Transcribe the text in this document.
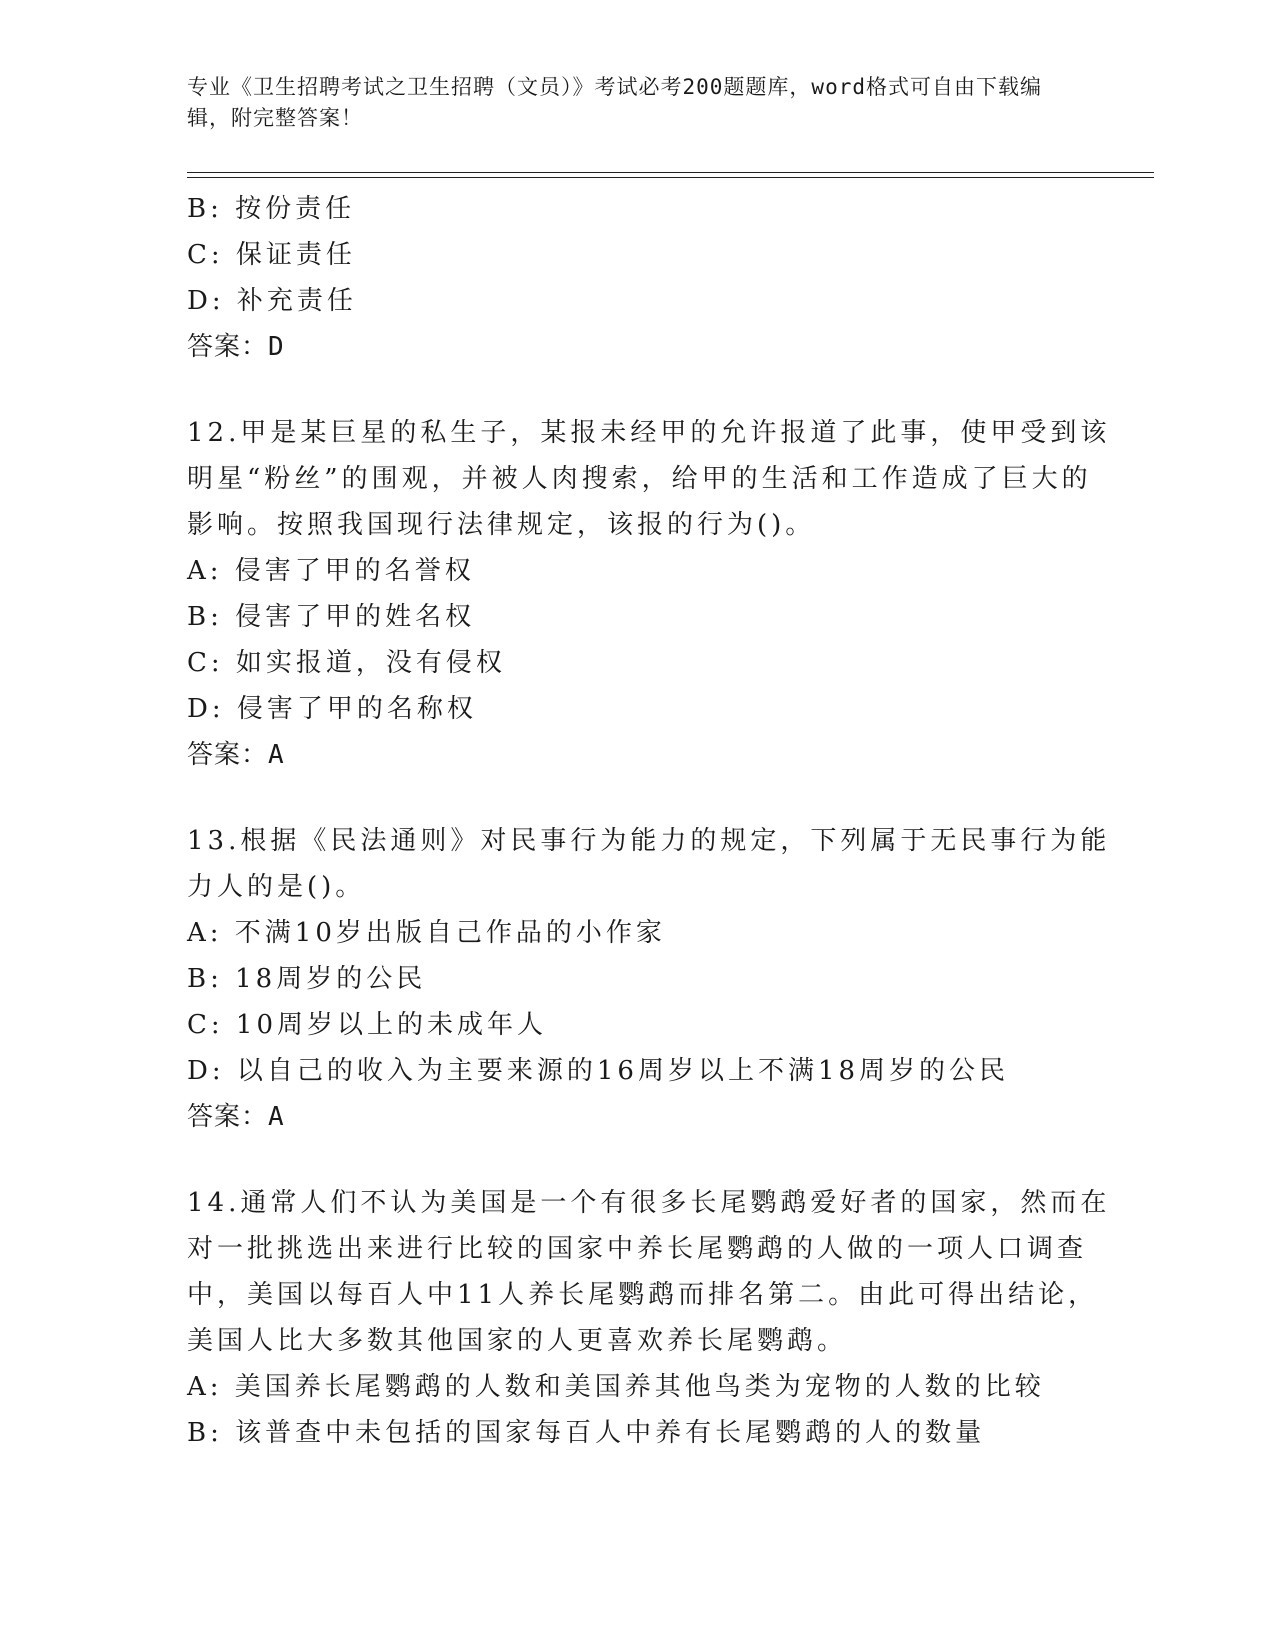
专业《卫生招聘考试之卫生招聘（文员）》考试必考200题题库，word格式可自由下载编辑，附完整答案！
B: 按份责任
C: 保证责任
D: 补充责任
答案：D
12.甲是某巨星的私生子，某报未经甲的允许报道了此事，使甲受到该明星“粉丝”的围观，并被人肉搜索，给甲的生活和工作造成了巨大的影响。按照我国现行法律规定，该报的行为()。
A: 侵害了甲的名誉权
B: 侵害了甲的姓名权
C: 如实报道，没有侵权
D: 侵害了甲的名称权
答案：A
13.根据《民法通则》对民事行为能力的规定，下列属于无民事行为能力人的是()。
A: 不满10岁出版自己作品的小作家
B: 18周岁的公民
C: 10周岁以上的未成年人
D: 以自己的收入为主要来源的16周岁以上不满18周岁的公民
答案：A
14.通常人们不认为美国是一个有很多长尾鹦鹉爱好者的国家，然而在对一批挑选出来进行比较的国家中养长尾鹦鹉的人做的一项人口调查中，美国以每百人中11人养长尾鹦鹉而排名第二。由此可得出结论，美国人比大多数其他国家的人更喜欢养长尾鹦鹉。
A: 美国养长尾鹦鹉的人数和美国养其他鸟类为宠物的人数的比较
B: 该普查中未包括的国家每百人中养有长尾鹦鹉的人的数量
